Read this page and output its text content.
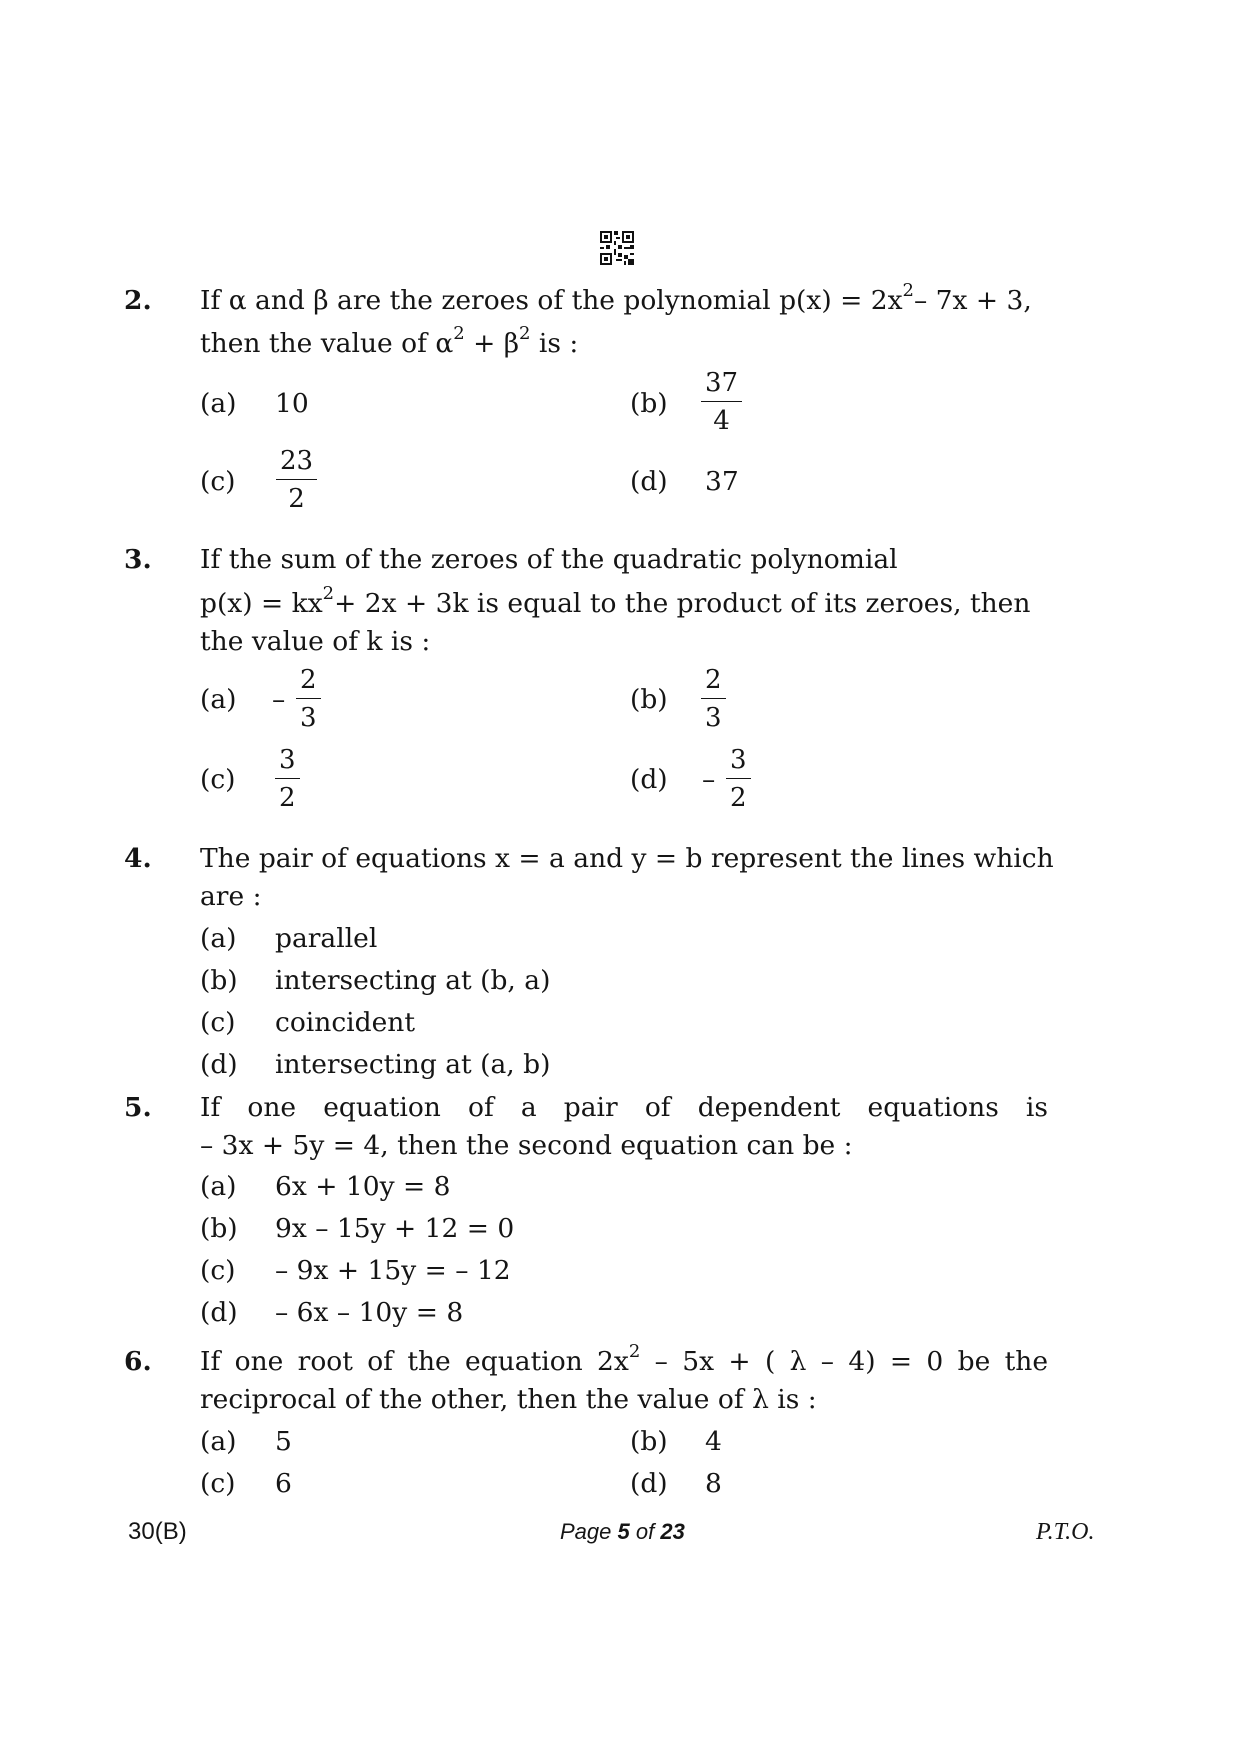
2. If α and β are the zeroes of the polynomial $p(x) = 2x^2-$ 7x + 3,
then the value of $\alpha^2 + \beta^2$ is :
(a) 10	$(b) \frac{37}{4}$
$(c) \frac{23}{2}$	(d) 37
3. If the sum of the zeroes of the quadratic polynomial
$p(x) = kx^2+ 2x + 3k$ is equal to the product of its zeroes, then
the value of k is :
$(a) - \frac{2}{3}$	$(b) \frac{2}{3}$
$(c) \frac{3}{2}$	$(d) - \frac{3}{2}$
4. The pair of equations x = a and y = b represent the lines which
are :
(a) parallel
(b) intersecting at (b, a)
(c) coincident
(d) intersecting at (a, b)
5. If one equation of a pair of dependent equations is
– 3x + 5y = 4, then the second equation can be :
(a) 6x + 10y = 8
(b) 9x – 15y + 12 = 0
(c) – 9x + 15y = – 12
(d) – 6x – 10y = 8
6. If one root of the equation $2x^2 - 5x$ + ( λ – 4) = 0 be the
reciprocal of the other, then the value of λ is :
(a) 5	(b) 4
(c) 6	(d) 8
30(B)	Page 5 of 23	P.T.O.
